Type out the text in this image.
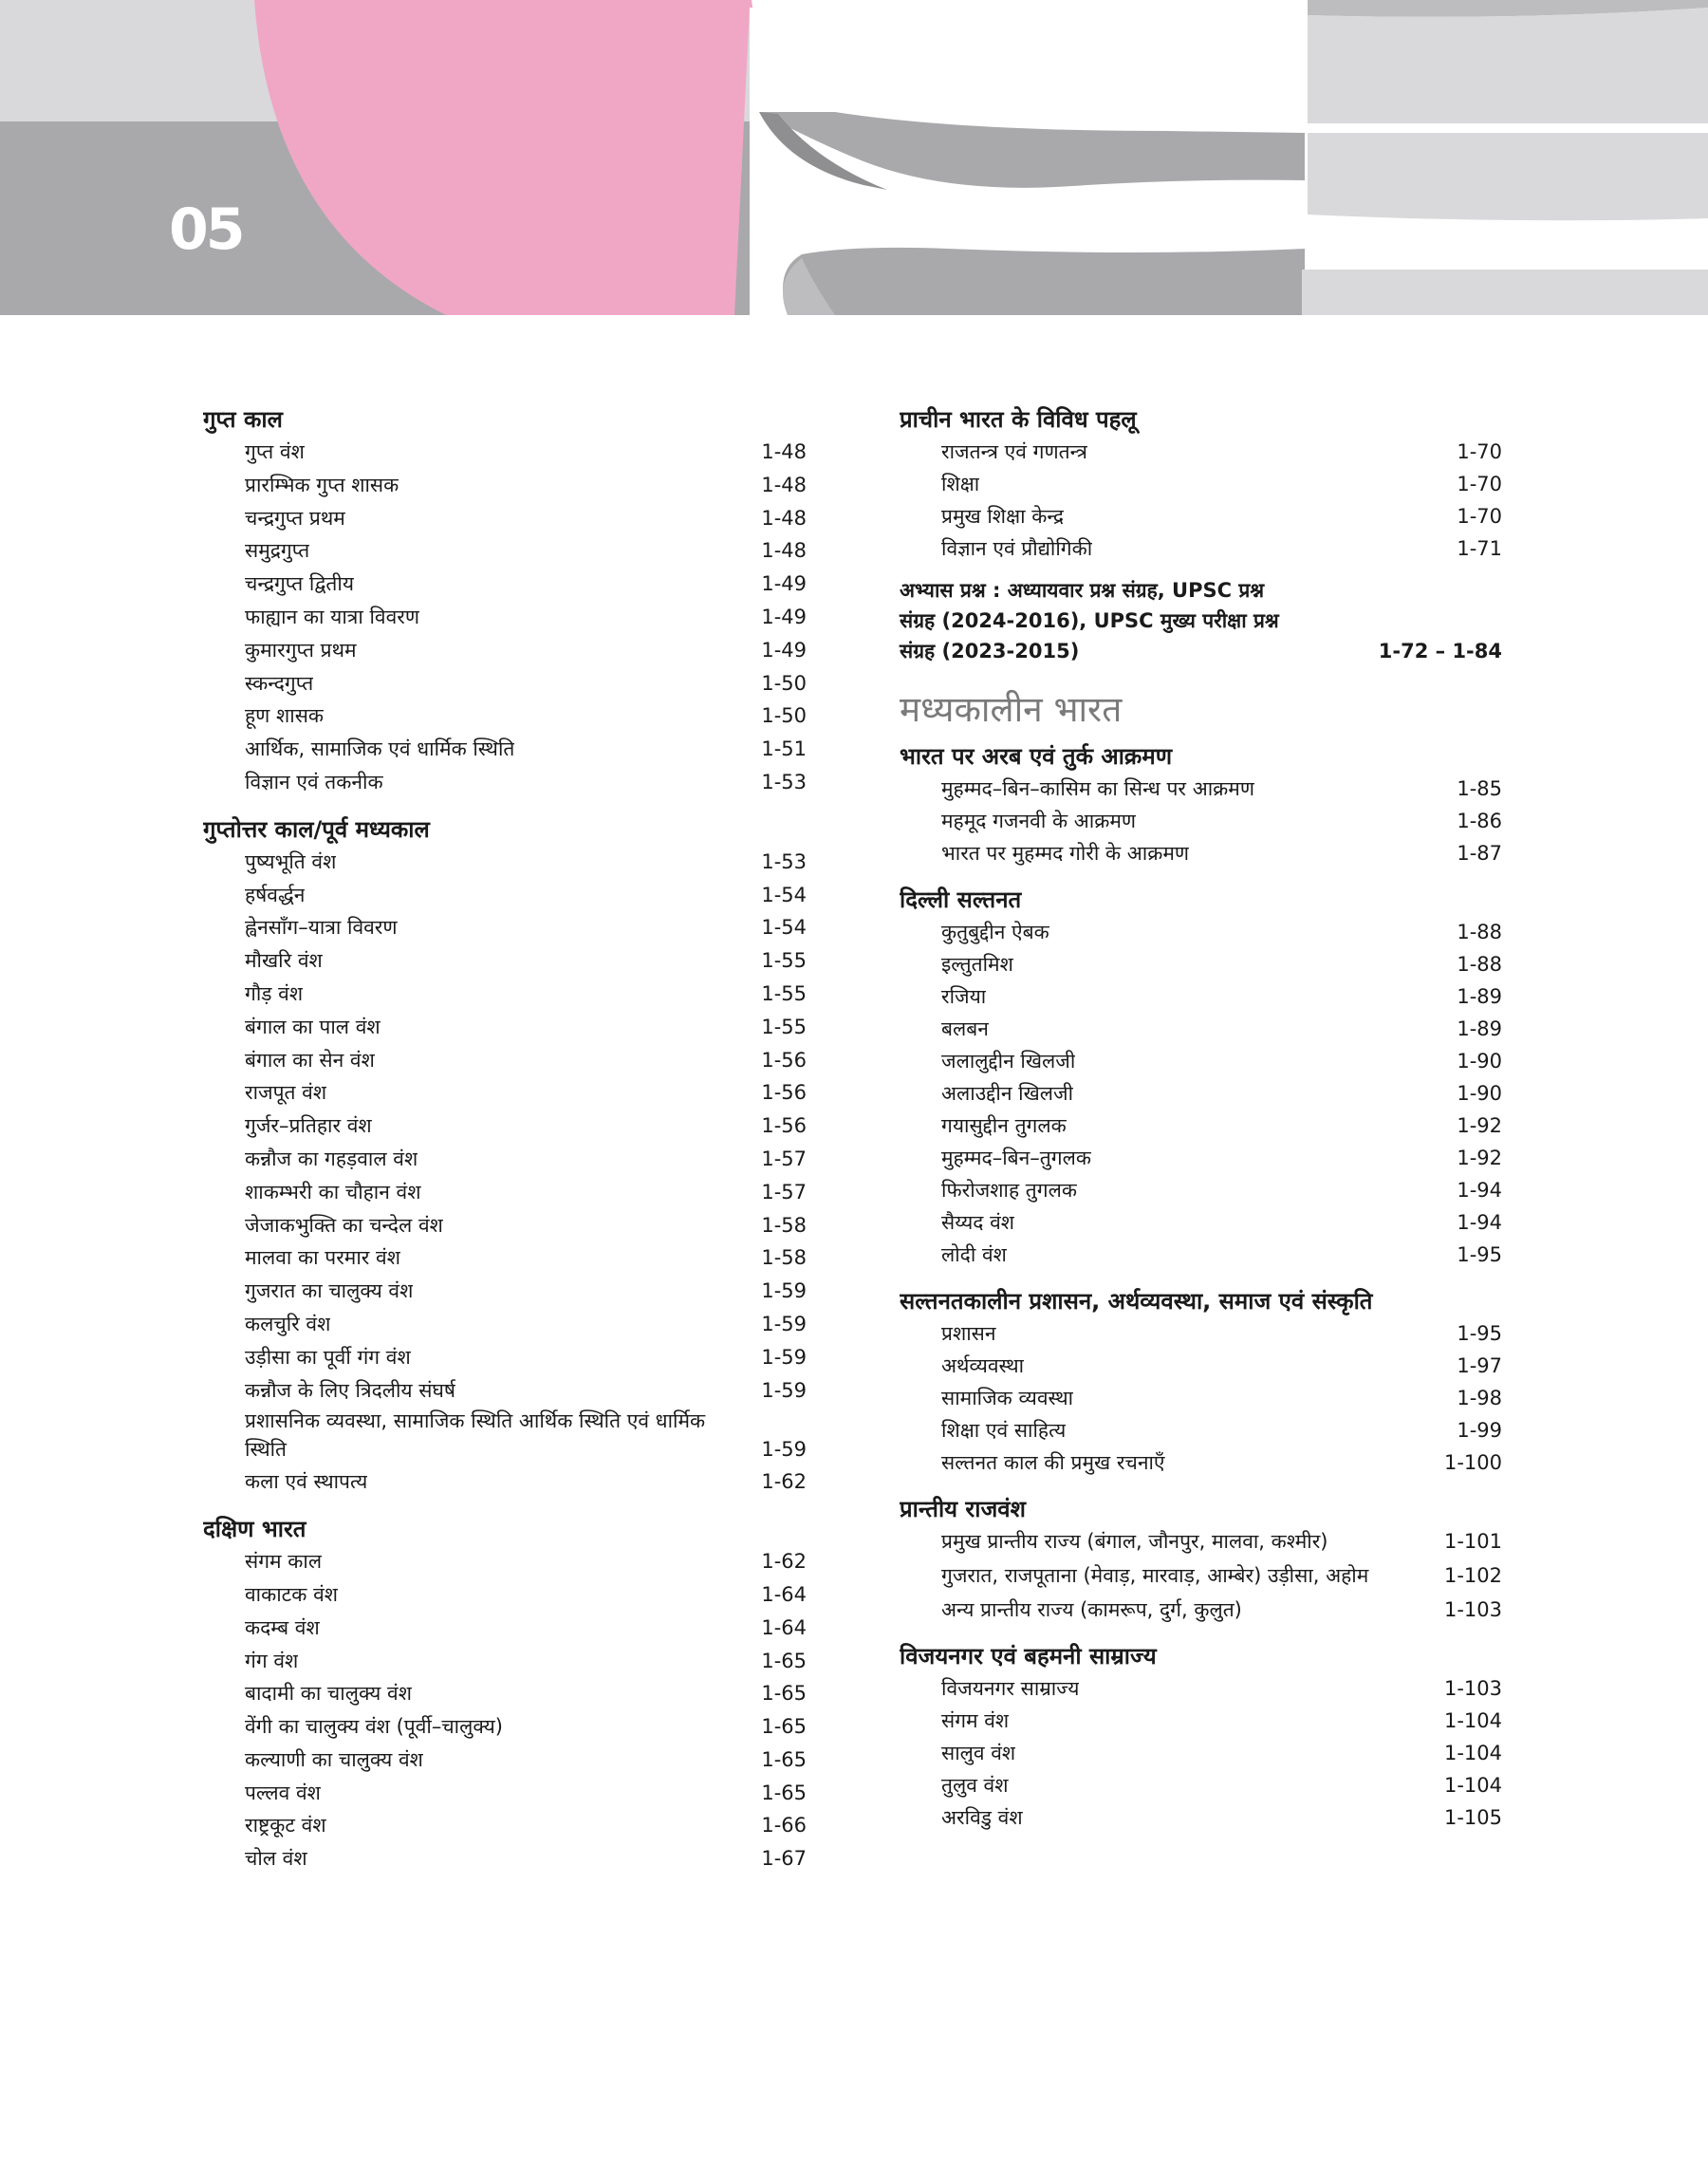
05
गुप्त काल
गुप्त वंश	1-48
प्रारम्भिक गुप्त शासक	1-48
चन्द्रगुप्त प्रथम	1-48
समुद्रगुप्त	1-48
चन्द्रगुप्त द्वितीय	1-49
फाह्यान का यात्रा विवरण	1-49
कुमारगुप्त प्रथम	1-49
स्कन्दगुप्त	1-50
हूण शासक	1-50
आर्थिक, सामाजिक एवं धार्मिक स्थिति	1-51
विज्ञान एवं तकनीक	1-53
गुप्तोत्तर काल/पूर्व मध्यकाल
पुष्यभूति वंश	1-53
हर्षवर्द्धन	1-54
ह्वेनसाँग–यात्रा विवरण	1-54
मौखरि वंश	1-55
गौड़ वंश	1-55
बंगाल का पाल वंश	1-55
बंगाल का सेन वंश	1-56
राजपूत वंश	1-56
गुर्जर–प्रतिहार वंश	1-56
कन्नौज का गहड़वाल वंश	1-57
शाकम्भरी का चौहान वंश	1-57
जेजाकभुक्ति का चन्देल वंश	1-58
मालवा का परमार वंश	1-58
गुजरात का चालुक्य वंश	1-59
कलचुरि वंश	1-59
उड़ीसा का पूर्वी गंग वंश	1-59
कन्नौज के लिए त्रिदलीय संघर्ष	1-59
प्रशासनिक व्यवस्था, सामाजिक स्थिति आर्थिक स्थिति एवं धार्मिक स्थिति	1-59
कला एवं स्थापत्य	1-62
दक्षिण भारत
संगम काल	1-62
वाकाटक वंश	1-64
कदम्ब वंश	1-64
गंग वंश	1-65
बादामी का चालुक्य वंश	1-65
वेंगी का चालुक्य वंश (पूर्वी–चालुक्य)	1-65
कल्याणी का चालुक्य वंश	1-65
पल्लव वंश	1-65
राष्ट्रकूट वंश	1-66
चोल वंश	1-67
प्राचीन भारत के विविध पहलू
राजतन्त्र एवं गणतन्त्र	1-70
शिक्षा	1-70
प्रमुख शिक्षा केन्द्र	1-70
विज्ञान एवं प्रौद्योगिकी	1-71
अभ्यास प्रश्न : अध्यायवार प्रश्न संग्रह, UPSC प्रश्न संग्रह (2024-2016), UPSC मुख्य परीक्षा प्रश्न संग्रह (2023-2015)	1-72 – 1-84
मध्यकालीन भारत
भारत पर अरब एवं तुर्क आक्रमण
मुहम्मद–बिन–कासिम का सिन्ध पर आक्रमण	1-85
महमूद गजनवी के आक्रमण	1-86
भारत पर मुहम्मद गोरी के आक्रमण	1-87
दिल्ली सल्तनत
कुतुबुद्दीन ऐबक	1-88
इल्तुतमिश	1-88
रजिया	1-89
बलबन	1-89
जलालुद्दीन खिलजी	1-90
अलाउद्दीन खिलजी	1-90
गयासुद्दीन तुगलक	1-92
मुहम्मद–बिन–तुगलक	1-92
फिरोजशाह तुगलक	1-94
सैय्यद वंश	1-94
लोदी वंश	1-95
सल्तनतकालीन प्रशासन, अर्थव्यवस्था, समाज एवं संस्कृति
प्रशासन	1-95
अर्थव्यवस्था	1-97
सामाजिक व्यवस्था	1-98
शिक्षा एवं साहित्य	1-99
सल्तनत काल की प्रमुख रचनाएँ	1-100
प्रान्तीय राजवंश
प्रमुख प्रान्तीय राज्य (बंगाल, जौनपुर, मालवा, कश्मीर)	1-101
गुजरात, राजपूताना (मेवाड़, मारवाड़, आम्बेर) उड़ीसा, अहोम	1-102
अन्य प्रान्तीय राज्य (कामरूप, दुर्ग, कुलुत)	1-103
विजयनगर एवं बहमनी साम्राज्य
विजयनगर साम्राज्य	1-103
संगम वंश	1-104
सालुव वंश	1-104
तुलुव वंश	1-104
अरविडु वंश	1-105
